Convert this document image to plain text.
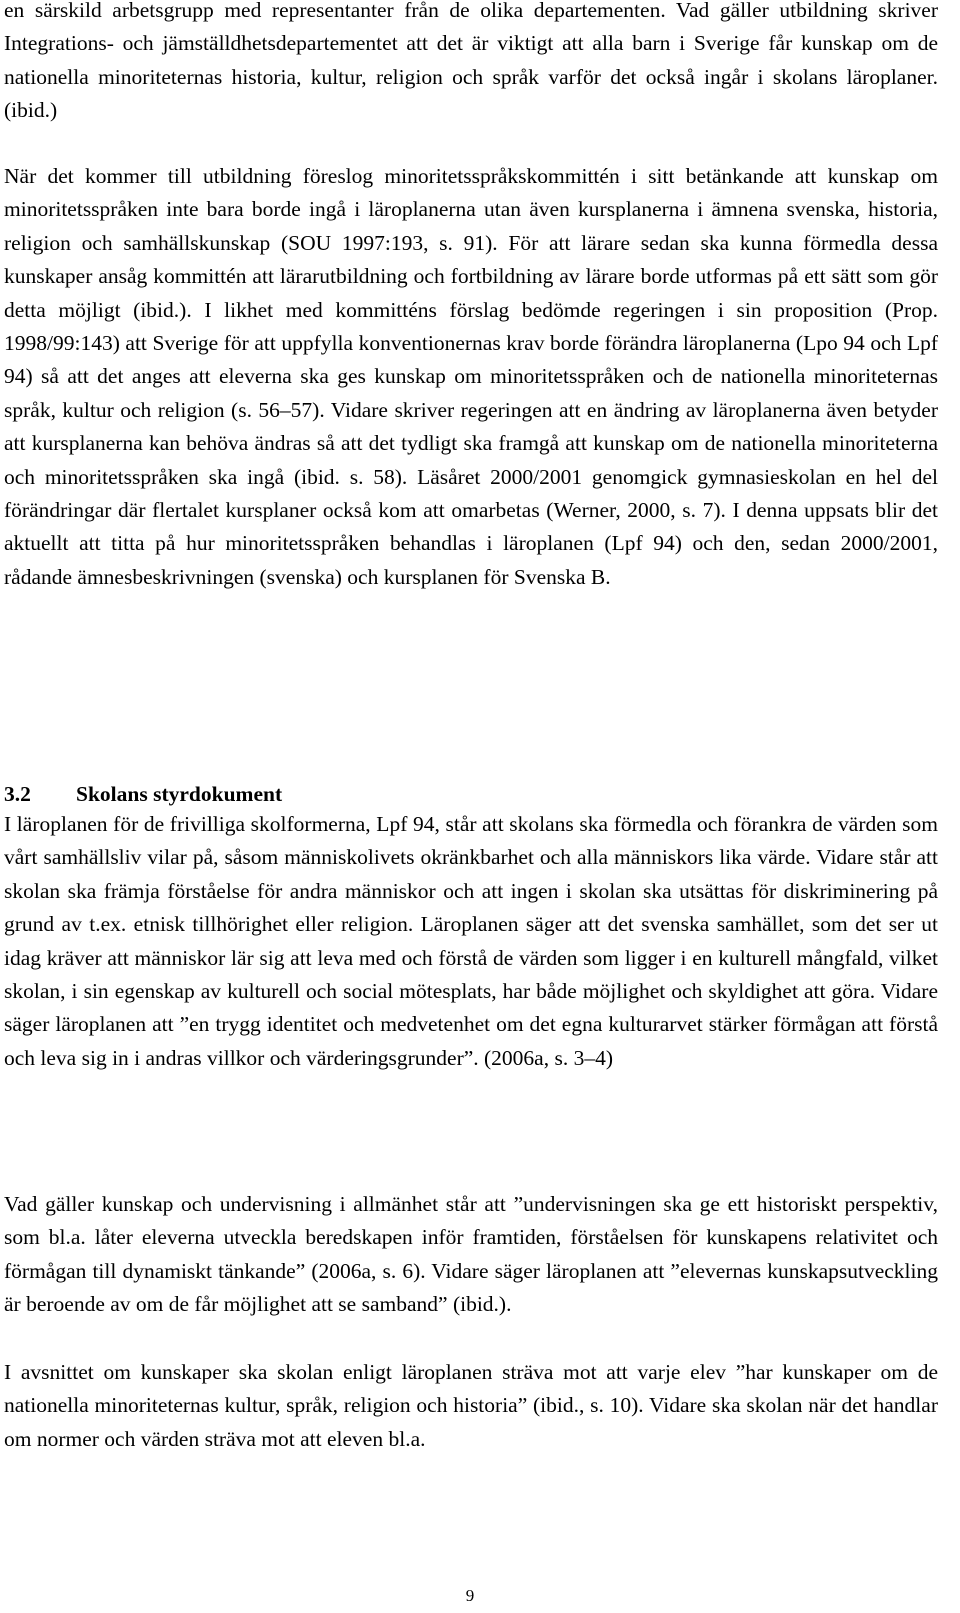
en särskild arbetsgrupp med representanter från de olika departementen. Vad gäller utbildning skriver Integrations- och jämställdhetsdepartementet att det är viktigt att alla barn i Sverige får kunskap om de nationella minoriteternas historia, kultur, religion och språk varför det också ingår i skolans läroplaner. (ibid.)

När det kommer till utbildning föreslog minoritetsspråkskommittén i sitt betänkande att kunskap om minoritetsspråken inte bara borde ingå i läroplanerna utan även kursplanerna i ämnena svenska, historia, religion och samhällskunskap (SOU 1997:193, s. 91). För att lärare sedan ska kunna förmedla dessa kunskaper ansåg kommittén att lärarutbildning och fortbildning av lärare borde utformas på ett sätt som gör detta möjligt (ibid.). I likhet med kommitténs förslag bedömde regeringen i sin proposition (Prop. 1998/99:143) att Sverige för att uppfylla konventionernas krav borde förändra läroplanerna (Lpo 94 och Lpf 94) så att det anges att eleverna ska ges kunskap om minoritetsspråken och de nationella minoriteternas språk, kultur och religion (s. 56–57). Vidare skriver regeringen att en ändring av läroplanerna även betyder att kursplanerna kan behöva ändras så att det tydligt ska framgå att kunskap om de nationella minoriteterna och minoritetsspråken ska ingå (ibid. s. 58). Läsåret 2000/2001 genomgick gymnasieskolan en hel del förändringar där flertalet kursplaner också kom att omarbetas (Werner, 2000, s. 7). I denna uppsats blir det aktuellt att titta på hur minoritetsspråken behandlas i läroplanen (Lpf 94) och den, sedan 2000/2001, rådande ämnesbeskrivningen (svenska) och kursplanen för Svenska B.

3.2 Skolans styrdokument

I läroplanen för de frivilliga skolformerna, Lpf 94, står att skolans ska förmedla och förankra de värden som vårt samhällsliv vilar på, såsom människolivets okränkbarhet och alla människors lika värde. Vidare står att skolan ska främja förståelse för andra människor och att ingen i skolan ska utsättas för diskriminering på grund av t.ex. etnisk tillhörighet eller religion. Läroplanen säger att det svenska samhället, som det ser ut idag kräver att människor lär sig att leva med och förstå de värden som ligger i en kulturell mångfald, vilket skolan, i sin egenskap av kulturell och social mötesplats, har både möjlighet och skyldighet att göra. Vidare säger läroplanen att ”en trygg identitet och medvetenhet om det egna kulturarvet stärker förmågan att förstå och leva sig in i andras villkor och värderingsgrunder”. (2006a, s. 3–4)

Vad gäller kunskap och undervisning i allmänhet står att ”undervisningen ska ge ett historiskt perspektiv, som bl.a. låter eleverna utveckla beredskapen inför framtiden, förståelsen för kunskapens relativitet och förmågan till dynamiskt tänkande” (2006a, s. 6). Vidare säger läroplanen att ”elevernas kunskapsutveckling är beroende av om de får möjlighet att se samband” (ibid.).

I avsnittet om kunskaper ska skolan enligt läroplanen sträva mot att varje elev ”har kunskaper om de nationella minoriteternas kultur, språk, religion och historia” (ibid., s. 10). Vidare ska skolan när det handlar om normer och värden sträva mot att eleven bl.a.

9
